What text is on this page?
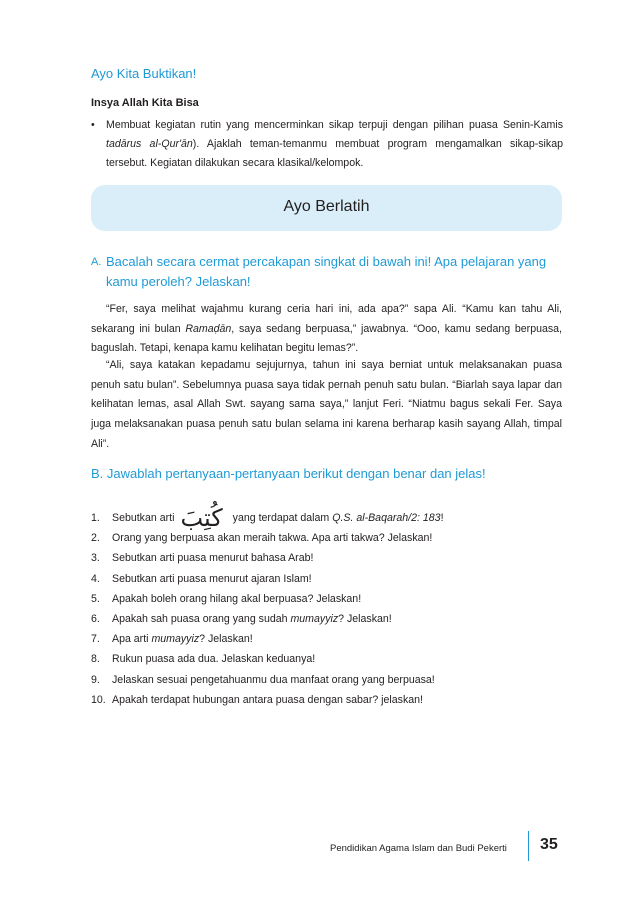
Ayo Kita Buktikan!
Insya Allah Kita Bisa
•	Membuat kegiatan rutin yang mencerminkan sikap terpuji dengan pilihan puasa Senin-Kamis tadārus al-Qur'ān). Ajaklah teman-temanmu membuat program mengamalkan sikap-sikap tersebut. Kegiatan dilakukan secara klasikal/kelompok.
Ayo Berlatih
A. Bacalah secara cermat percakapan singkat di bawah ini! Apa pelajaran yang kamu peroleh? Jelaskan!
“Fer, saya melihat wajahmu kurang ceria hari ini, ada apa?” sapa Ali. “Kamu kan tahu Ali, sekarang ini bulan Ramaḍān, saya sedang berpuasa,” jawabnya. “Ooo, kamu sedang berpuasa, baguslah. Tetapi, kenapa kamu kelihatan begitu lemas?”.
“Ali, saya katakan kepadamu sejujurnya, tahun ini saya berniat untuk melaksanakan puasa penuh satu bulan”. Sebelumnya puasa saya tidak pernah penuh satu bulan. “Biarlah saya lapar dan kelihatan lemas, asal Allah Swt. sayang sama saya,” lanjut Feri. “Niatmu bagus sekali Fer. Saya juga melaksanakan puasa penuh satu bulan selama ini karena berharap kasih sayang Allah, timpal Ali”.
B. Jawablah pertanyaan-pertanyaan berikut dengan benar dan jelas!
1. Sebutkan arti كُتِبَ yang terdapat dalam Q.S. al-Baqarah/2: 183!
2. Orang yang berpuasa akan meraih takwa. Apa arti takwa? Jelaskan!
3. Sebutkan arti puasa menurut bahasa Arab!
4. Sebutkan arti puasa menurut ajaran Islam!
5. Apakah boleh orang hilang akal berpuasa? Jelaskan!
6. Apakah sah puasa orang yang sudah mumayyiz? Jelaskan!
7. Apa arti mumayyiz? Jelaskan!
8. Rukun puasa ada dua. Jelaskan keduanya!
9. Jelaskan sesuai pengetahuanmu dua manfaat orang yang berpuasa!
10. Apakah terdapat hubungan antara puasa dengan sabar? jelaskan!
Pendidikan Agama Islam dan Budi Pekerti 35
